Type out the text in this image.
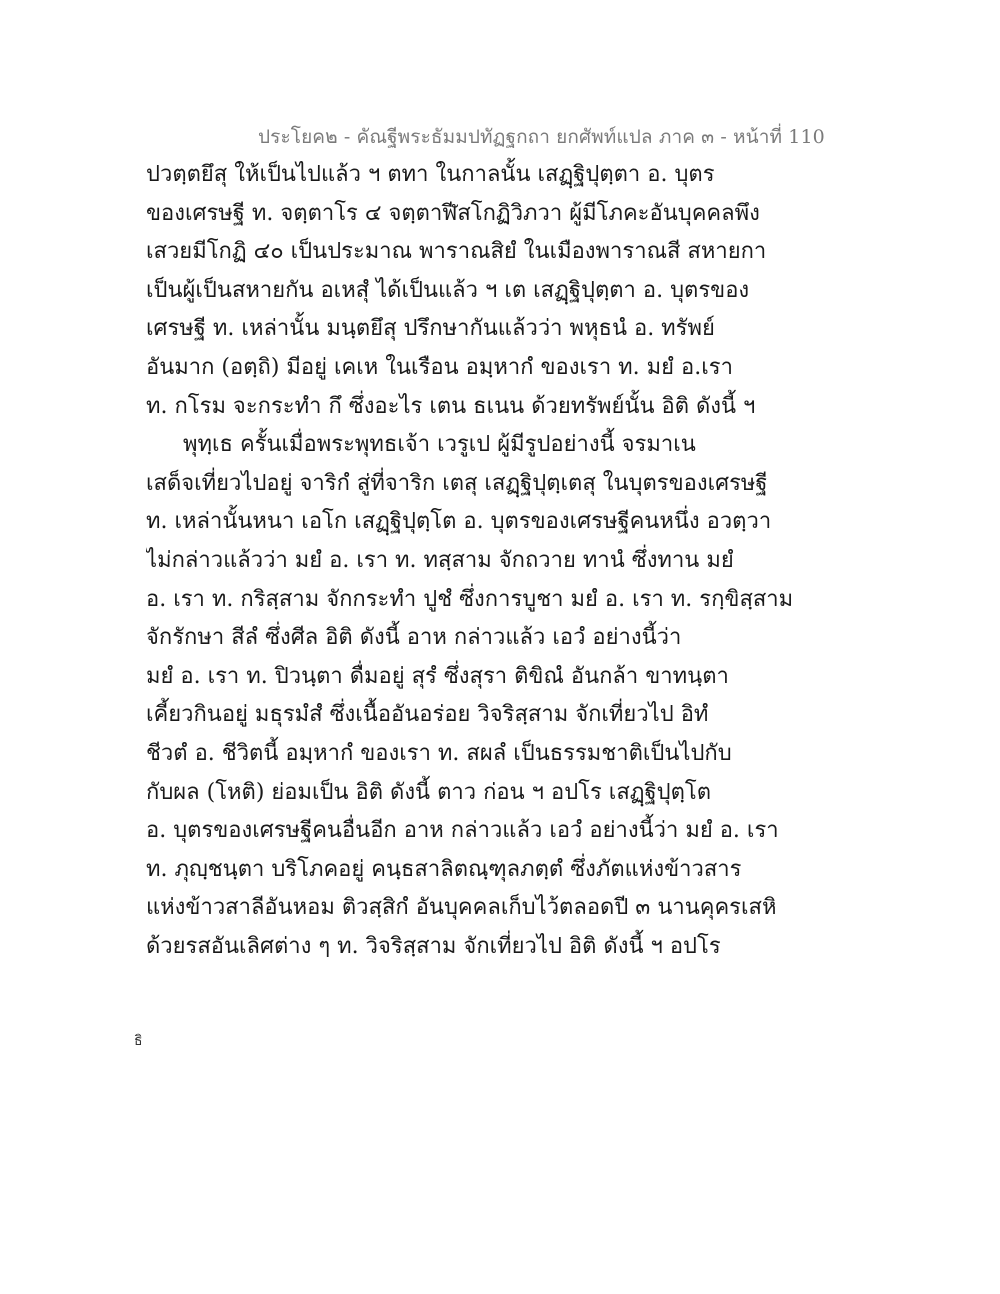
ประโยค๒ - คัณฐีพระธัมมปทัฏฐกถา ยกศัพท์แปล ภาค ๓ - หน้าที่ 110
ปวตฺตยึสุ ให้เป็นไปแล้ว ฯ ตทา ในกาลนั้น เสฏฺฐิปุตฺตา อ. บุตร
ของเศรษฐี ท. จตฺตาโร ๔ จตฺตาฬีสโกฏิวิภวา ผู้มีโภคะอันบุคคลพึง
เสวยมีโกฏิ ๔๐ เป็นประมาณ พาราณสิยํ ในเมืองพาราณสี สหายกา
เป็นผู้เป็นสหายกัน อเหสุํ ได้เป็นแล้ว ฯ เต เสฏฺฐิปุตฺตา อ. บุตรของ
เศรษฐี ท. เหล่านั้น มนฺตยึสุ ปรึกษากันแล้วว่า พหุธนํ อ. ทรัพย์
อันมาก (อตฺถิ) มีอยู่ เคเห ในเรือน อมฺหากํ ของเรา ท. มยํ อ.เรา
ท. กโรม จะกระทำ กึ ซึ่งอะไร เตน ธเนน ด้วยทรัพย์นั้น อิติ ดังนี้ ฯ
พุทฺเธ ครั้นเมื่อพระพุทธเจ้า เวรูเป ผู้มีรูปอย่างนี้ จรมาเน
เสด็จเที่ยวไปอยู่ จาริกํ สู่ที่จาริก เตสุ เสฏฺฐิปุตฺเตสุ ในบุตรของเศรษฐี
ท. เหล่านั้นหนา เอโก เสฏฺฐิปุตฺโต อ. บุตรของเศรษฐีคนหนึ่ง อวตฺวา
ไม่กล่าวแล้วว่า มยํ อ. เรา ท. ทสฺสาม จักถวาย ทานํ ซึ่งทาน มยํ
อ. เรา ท. กริสฺสาม จักกระทำ ปูชํ ซึ่งการบูชา มยํ อ. เรา ท. รกฺขิสฺสาม
จักรักษา สีลํ ซึ่งศีล อิติ ดังนี้ อาห กล่าวแล้ว เอวํ อย่างนี้ว่า
มยํ อ. เรา ท. ปิวนฺตา ดื่มอยู่ สุรํ ซึ่งสุรา ติขิณํ อันกล้า ขาทนฺตา
เคี้ยวกินอยู่ มธุรมํสํ ซึ่งเนื้ออันอร่อย วิจริสฺสาม จักเที่ยวไป อิทํ
ชีวตํ อ. ชีวิตนี้ อมฺหากํ ของเรา ท. สผลํ เป็นธรรมชาติเป็นไปกับ
กับผล (โหติ) ย่อมเป็น อิติ ดังนี้ ตาว ก่อน ฯ อปโร เสฏฺฐิปุตฺโต
อ. บุตรของเศรษฐีคนอื่นอีก อาห กล่าวแล้ว เอวํ อย่างนี้ว่า มยํ อ. เรา
ท. ภุญฺชนฺตา บริโภคอยู่ คนฺธสาลิตณฺฑุลภตฺตํ ซึ่งภัตแห่งข้าวสาร
แห่งข้าวสาลีอันหอม ติวสฺสิกํ อันบุคคลเก็บไว้ตลอดปี ๓ นานคุครเสหิ
ด้วยรสอันเลิศต่าง ๆ ท. วิจริสฺสาม จักเที่ยวไป อิติ ดังนี้ ฯ อปโร
ธิ
